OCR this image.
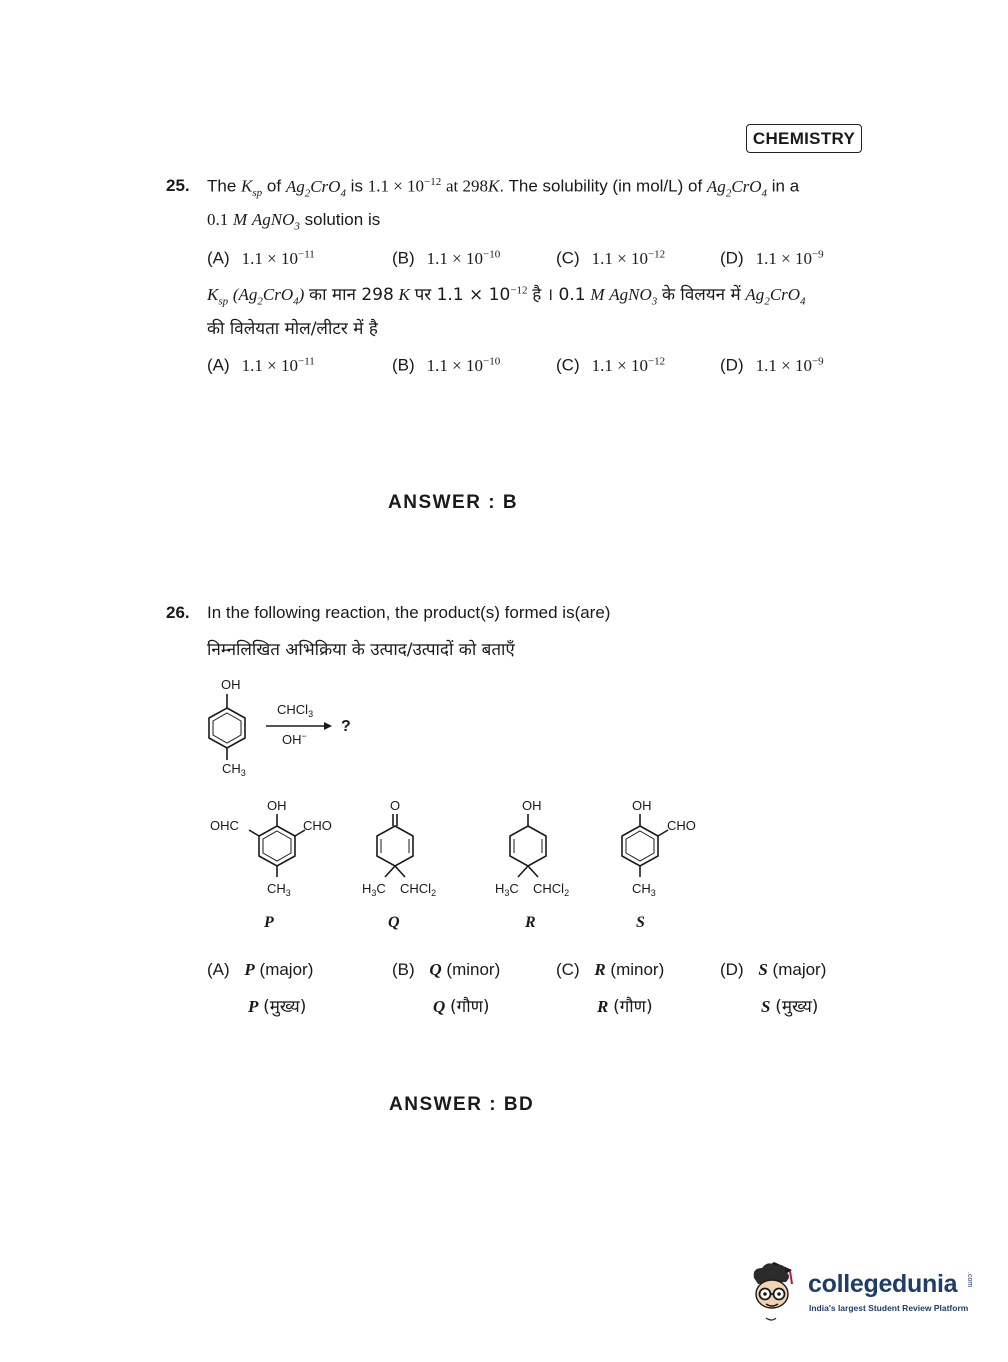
CHEMISTRY
25. The $K_{sp}$ of $Ag_2CrO_4$ is $1.1 \times 10^{-12}$ at 298K. The solubility (in mol/L) of $Ag_2CrO_4$ in a
0.1 M AgNO$_3$ solution is
(A) $1.1 \times 10^{-11}$	(B) $1.1 \times 10^{-10}$	(C) $1.1 \times 10^{-12}$	(D) $1.1 \times 10^{-9}$
$K_{sp}$ $(Ag_2CrO_4)$ का मान 298 K पर $1.1 \times 10^{-12}$ है । 0.1 M AgNO$_3$ के विलयन में $Ag_2CrO_4$
की विलेयता मोल/लीटर में है
(A) $1.1 \times 10^{-11}$	(B) $1.1 \times 10^{-10}$	(C) $1.1 \times 10^{-12}$	(D) $1.1 \times 10^{-9}$
ANSWER : B
26. In the following reaction, the product(s) formed is(are)
निम्नलिखित अभिक्रिया के उत्पाद/उत्पादों को बताएँ
OH
$CH_3$
CHCl$_3$
OH−
?
OH
OHC	CHO
$CH_3$
P
O
$H_3C$ CHCl$_2$
Q
OH
$H_3C$ CHCl$_2$
R
OH
CHO
$CH_3$
S
(A) P (major)
P (मुख्य)
(B) Q (minor)
Q (गौण)
(C) R (minor)
R (गौण)
(D) S (major)
S (मुख्य)
ANSWER : BD
collegedunia .com
India's largest Student Review Platform
